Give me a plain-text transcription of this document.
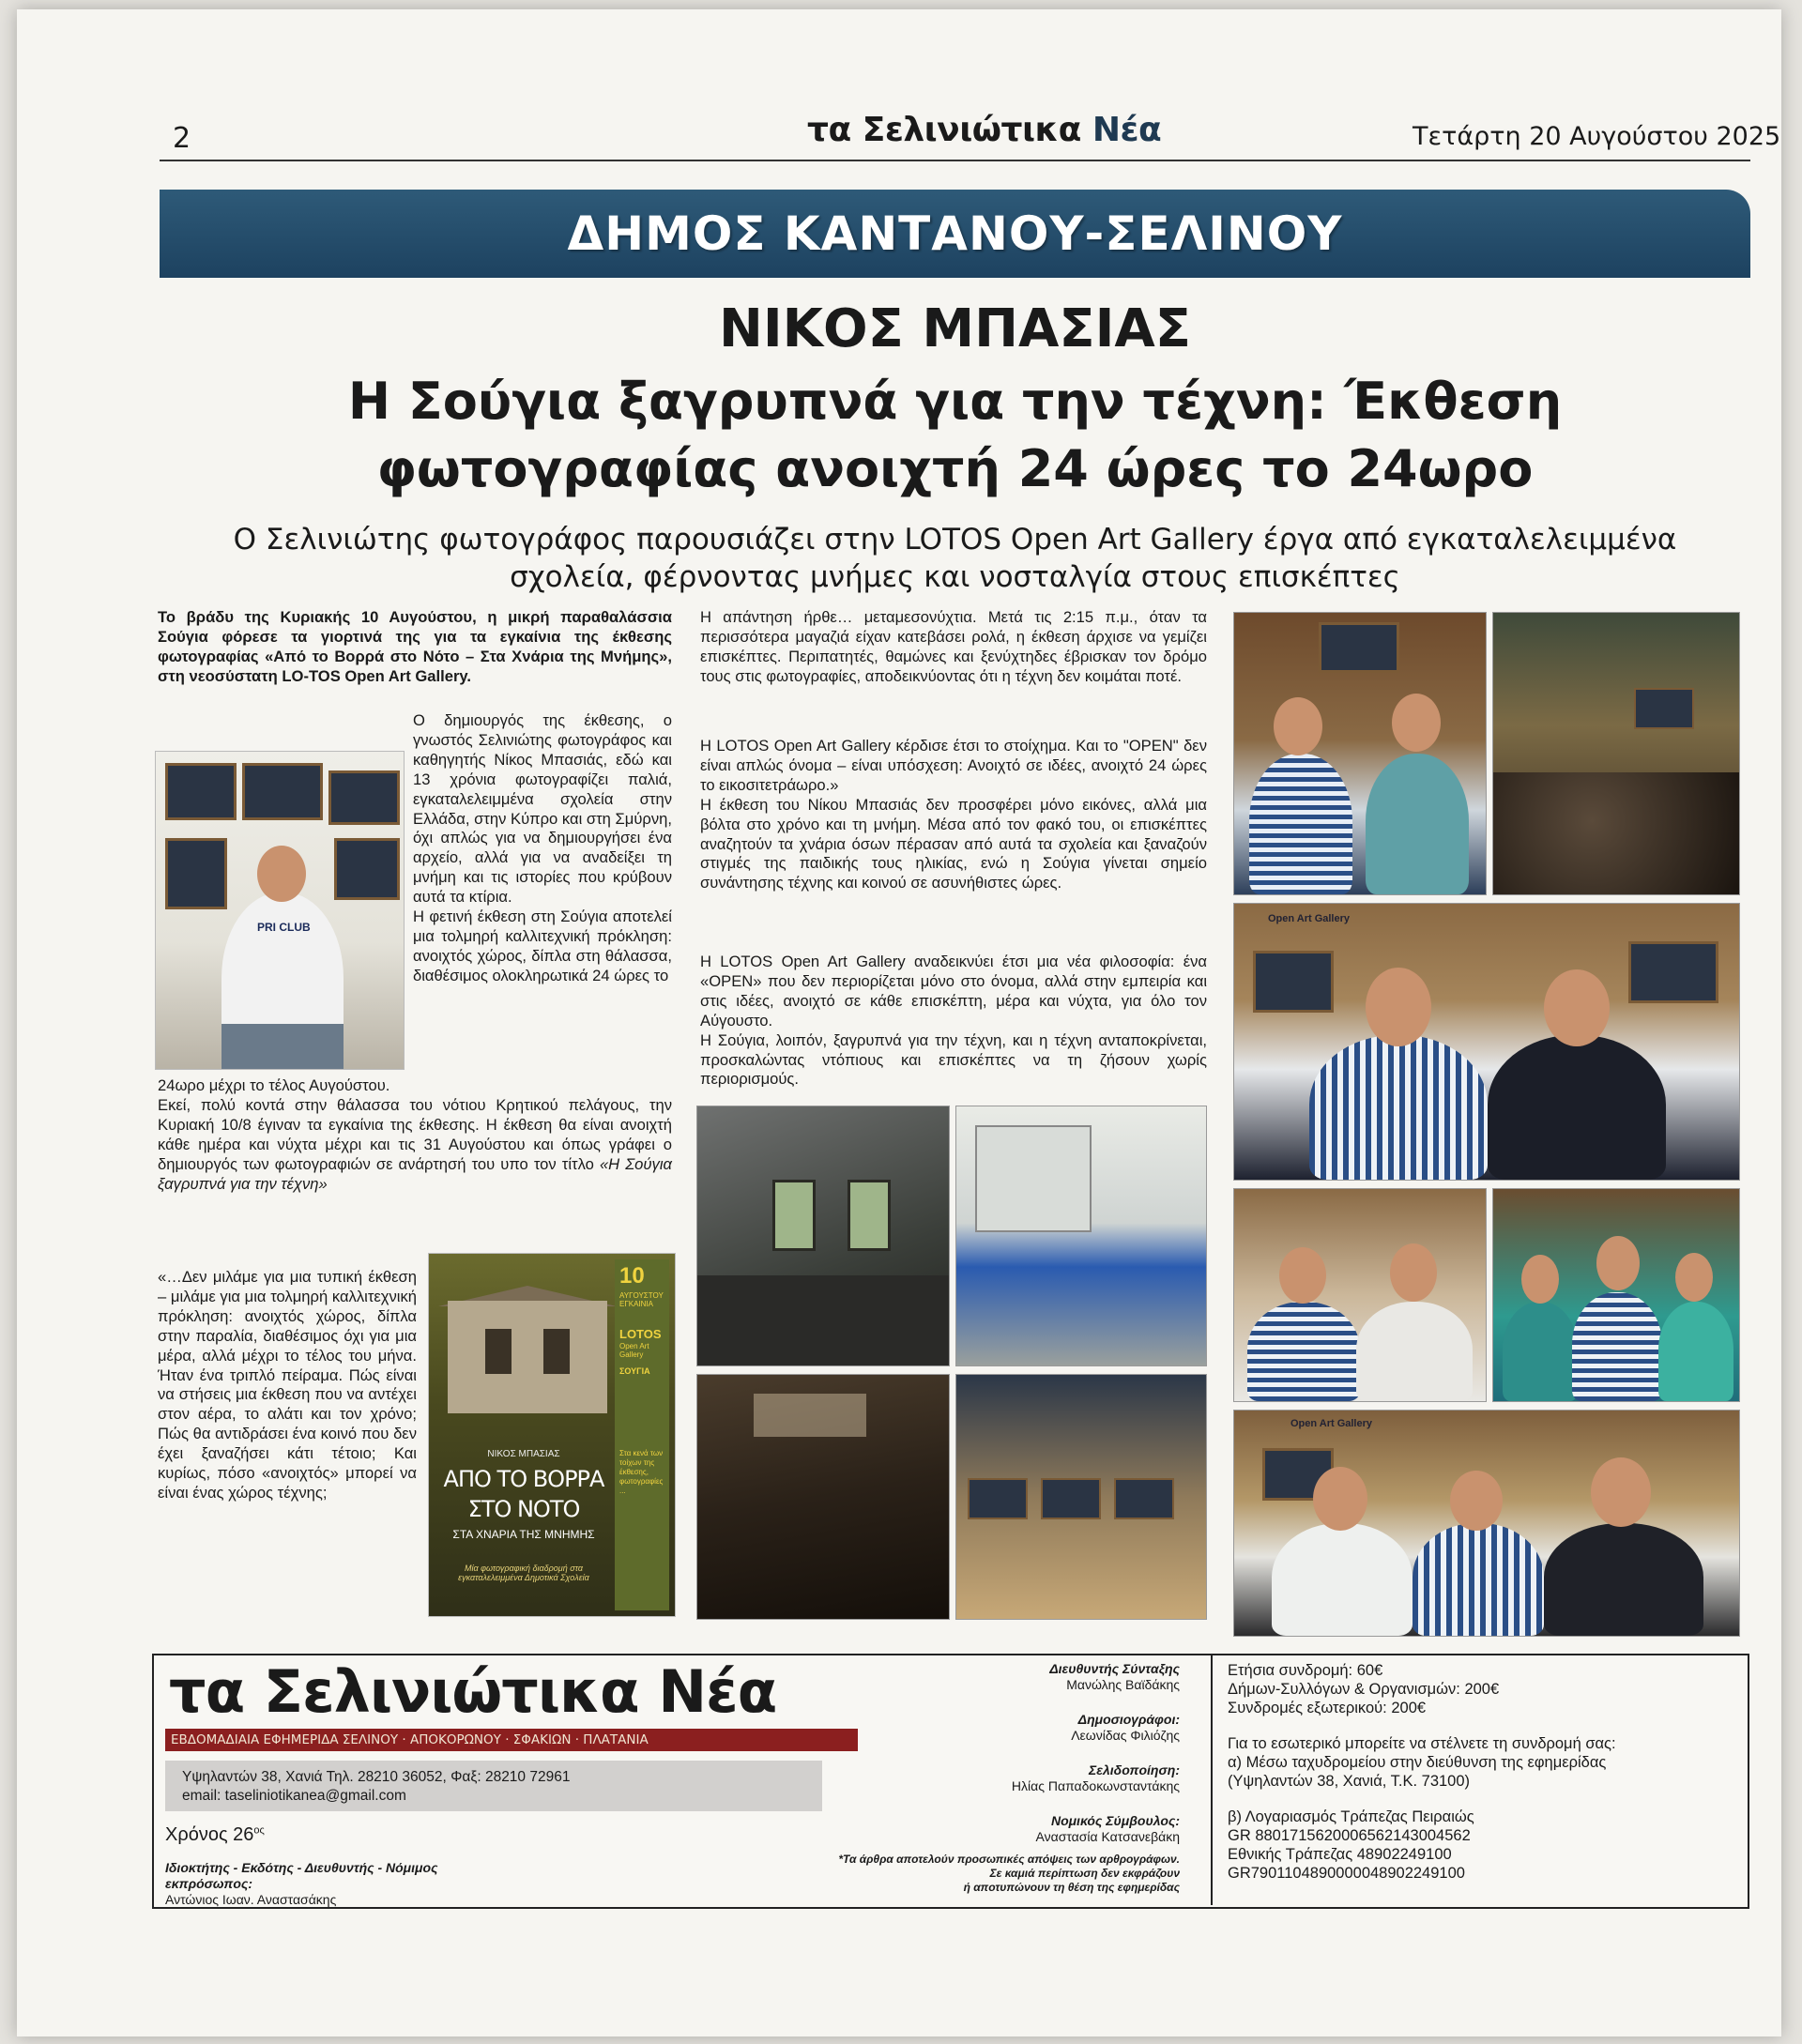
2	τα Σελινιώτικα Νέα	Τετάρτη 20 Αυγούστου 2025
ΔΗΜΟΣ ΚΑΝΤΑΝΟΥ-ΣΕΛΙΝΟΥ
ΝΙΚΟΣ ΜΠΑΣΙΑΣ
Η Σούγια ξαγρυπνά για την τέχνη: Έκθεση
φωτογραφίας ανοιχτή 24 ώρες το 24ωρο
Ο Σελινιώτης φωτογράφος παρουσιάζει στην LOTOS Open Art Gallery έργα από εγκαταλελειμμένα
σχολεία, φέρνοντας μνήμες και νοσταλγία στους επισκέπτες
Το βράδυ της Κυριακής 10 Αυγούστου, η μικρή παραθαλάσσια Σούγια φόρεσε τα γιορτινά της για τα εγκαίνια της έκθεσης φωτογραφίας «Από το Βορρά στο Νότο – Στα Χνάρια της Μνήμης», στη νεοσύστατη LO-TOS Open Art Gallery.
PRI CLUB

Ο δημιουργός της έκθεσης, ο γνωστός Σελινιώτης φωτογράφος και καθηγητής Νίκος Μπασιάς, εδώ και 13 χρόνια φωτογραφίζει παλιά, εγκαταλελειμμένα σχολεία στην Ελλάδα, στην Κύπρο και στη Σμύρνη, όχι απλώς για να δημιουργήσει ένα αρχείο, αλλά για να αναδείξει τη μνήμη και τις ιστορίες που κρύβουν αυτά τα κτίρια.

Η φετινή έκθεση στη Σούγια αποτελεί μια τολμηρή καλλιτεχνική πρόκληση: ανοιχτός χώρος, δίπλα στη θάλασσα, διαθέσιμος ολοκληρωτικά 24 ώρες το

24ωρο μέχρι το τέλος Αυγούστου.

Εκεί, πολύ κοντά στην θάλασσα του νότιου Κρητικού πελάγους, την Κυριακή 10/8 έγιναν τα εγκαίνια της έκθεσης. Η έκθεση θα είναι ανοιχτή κάθε ημέρα και νύχτα μέχρι και τις 31 Αυγούστου και όπως γράφει ο δημιουργός των φωτογραφιών σε ανάρτησή του υπο τον τίτλο «Η Σούγια ξαγρυπνά για την τέχνη»

«…Δεν μιλάμε για μια τυπική έκθεση – μιλάμε για μια τολμηρή καλλιτεχνική πρόκληση: ανοιχτός χώρος, δίπλα στην παραλία, διαθέσιμος όχι για μια μέρα, αλλά μέχρι το τέλος του μήνα. Ήταν ένα τριπλό πείραμα. Πώς είναι να στήσεις μια έκθεση που να αντέχει στον αέρα, το αλάτι και τον χρόνο; Πώς θα αντιδράσει ένα κοινό που δεν έχει ξαναζήσει κάτι τέτοιο; Και κυρίως, πόσο «ανοιχτός» μπορεί να είναι ένας χώρος τέχνης;
ΝΙΚΟΣ ΜΠΑΣΙΑΣ
ΑΠΟ ΤΟ ΒΟΡΡΑ
ΣΤΟ ΝΟΤΟ
ΣΤΑ ΧΝΑΡΙΑ ΤΗΣ ΜΝΗΜΗΣ
Μία φωτογραφική διαδρομή στα εγκαταλελειμμένα Δημοτικά Σχολεία
10
ΑΥΓΟΥΣΤΟΥ ΕΓΚΑΙΝΙΑ
LOTOS
Open Art Gallery
ΣΟΥΓΙΑ
Στα κενά των τοίχων της έκθεσης, φωτογραφίες ...
Η απάντηση ήρθε… μεταμεσονύχτια. Μετά τις 2:15 π.μ., όταν τα περισσότερα μαγαζιά είχαν κατεβάσει ρολά, η έκθεση άρχισε να γεμίζει επισκέπτες. Περιπατητές, θαμώνες και ξενύχτηδες έβρισκαν τον δρόμο τους στις φωτογραφίες, αποδεικνύοντας ότι η τέχνη δεν κοιμάται ποτέ.

Η LOTOS Open Art Gallery κέρδισε έτσι το στοίχημα. Και το "OPEN" δεν είναι απλώς όνομα – είναι υπόσχεση: Ανοιχτό σε ιδέες, ανοιχτό 24 ώρες το εικοσιτετράωρο.»

Η έκθεση του Νίκου Μπασιάς δεν προσφέρει μόνο εικόνες, αλλά μια βόλτα στο χρόνο και τη μνήμη. Μέσα από τον φακό του, οι επισκέπτες αναζητούν τα χνάρια όσων πέρασαν από αυτά τα σχολεία και ξαναζούν στιγμές της παιδικής τους ηλικίας, ενώ η Σούγια γίνεται σημείο συνάντησης τέχνης και κοινού σε ασυνήθιστες ώρες.

Η LOTOS Open Art Gallery αναδεικνύει έτσι μια νέα φιλοσοφία: ένα «OPEN» που δεν περιορίζεται μόνο στο όνομα, αλλά στην εμπειρία και στις ιδέες, ανοιχτό σε κάθε επισκέπτη, μέρα και νύχτα, για όλο τον Αύγουστο.

Η Σούγια, λοιπόν, ξαγρυπνά για την τέχνη, και η τέχνη ανταποκρίνεται, προσκαλώντας ντόπιους και επισκέπτες να τη ζήσουν χωρίς περιορισμούς.

Open Art Gallery
Open Art Gallery
τα Σελινιώτικα Νέα
ΕΒΔΟΜΑΔΙΑΙΑ ΕΦΗΜΕΡΙΔΑ ΣΕΛΙΝΟΥ · ΑΠΟΚΟΡΩΝΟΥ · ΣΦΑΚΙΩΝ · ΠΛΑΤΑΝΙΑ
Υψηλαντών 38, Χανιά Τηλ. 28210 36052, Φαξ: 28210 72961
email: taseliniotikanea@gmail.com
Χρόνος $26^{o\varsigma}$
Ιδιοκτήτης - Εκδότης - Διευθυντής - Νόμιμος εκπρόσωπος:
Αντώνιος Ιωαν. Αναστασάκης
Διευθυντής Σύνταξης
Μανώλης Βαϊδάκης
Δημοσιογράφοι:
Λεωνίδας Φιλιόζης
Σελιδοποίηση:
Ηλίας Παπαδοκωνσταντάκης
Νομικός Σύμβουλος:
Αναστασία Κατσανεβάκη
*Τα άρθρα αποτελούν προσωπικές απόψεις των αρθρογράφων.
Σε καμιά περίπτωση δεν εκφράζουν
ή αποτυπώνουν τη θέση της εφημερίδας

Ετήσια συνδρομή: 60€

Δήμων-Συλλόγων & Οργανισμών: 200€

Συνδρομές εξωτερικού: 200€

Για το εσωτερικό μπορείτε να στέλνετε τη συνδρομή σας:

α) Μέσω ταχυδρομείου στην διεύθυνση της εφημερίδας

(Υψηλαντών 38, Χανιά, Τ.Κ. 73100)

β) Λογαριασμός Τράπεζας Πειραιώς

GR 8801715620006562143004562

Εθνικής Τράπεζας 48902249100

GR7901104890000048902249100
